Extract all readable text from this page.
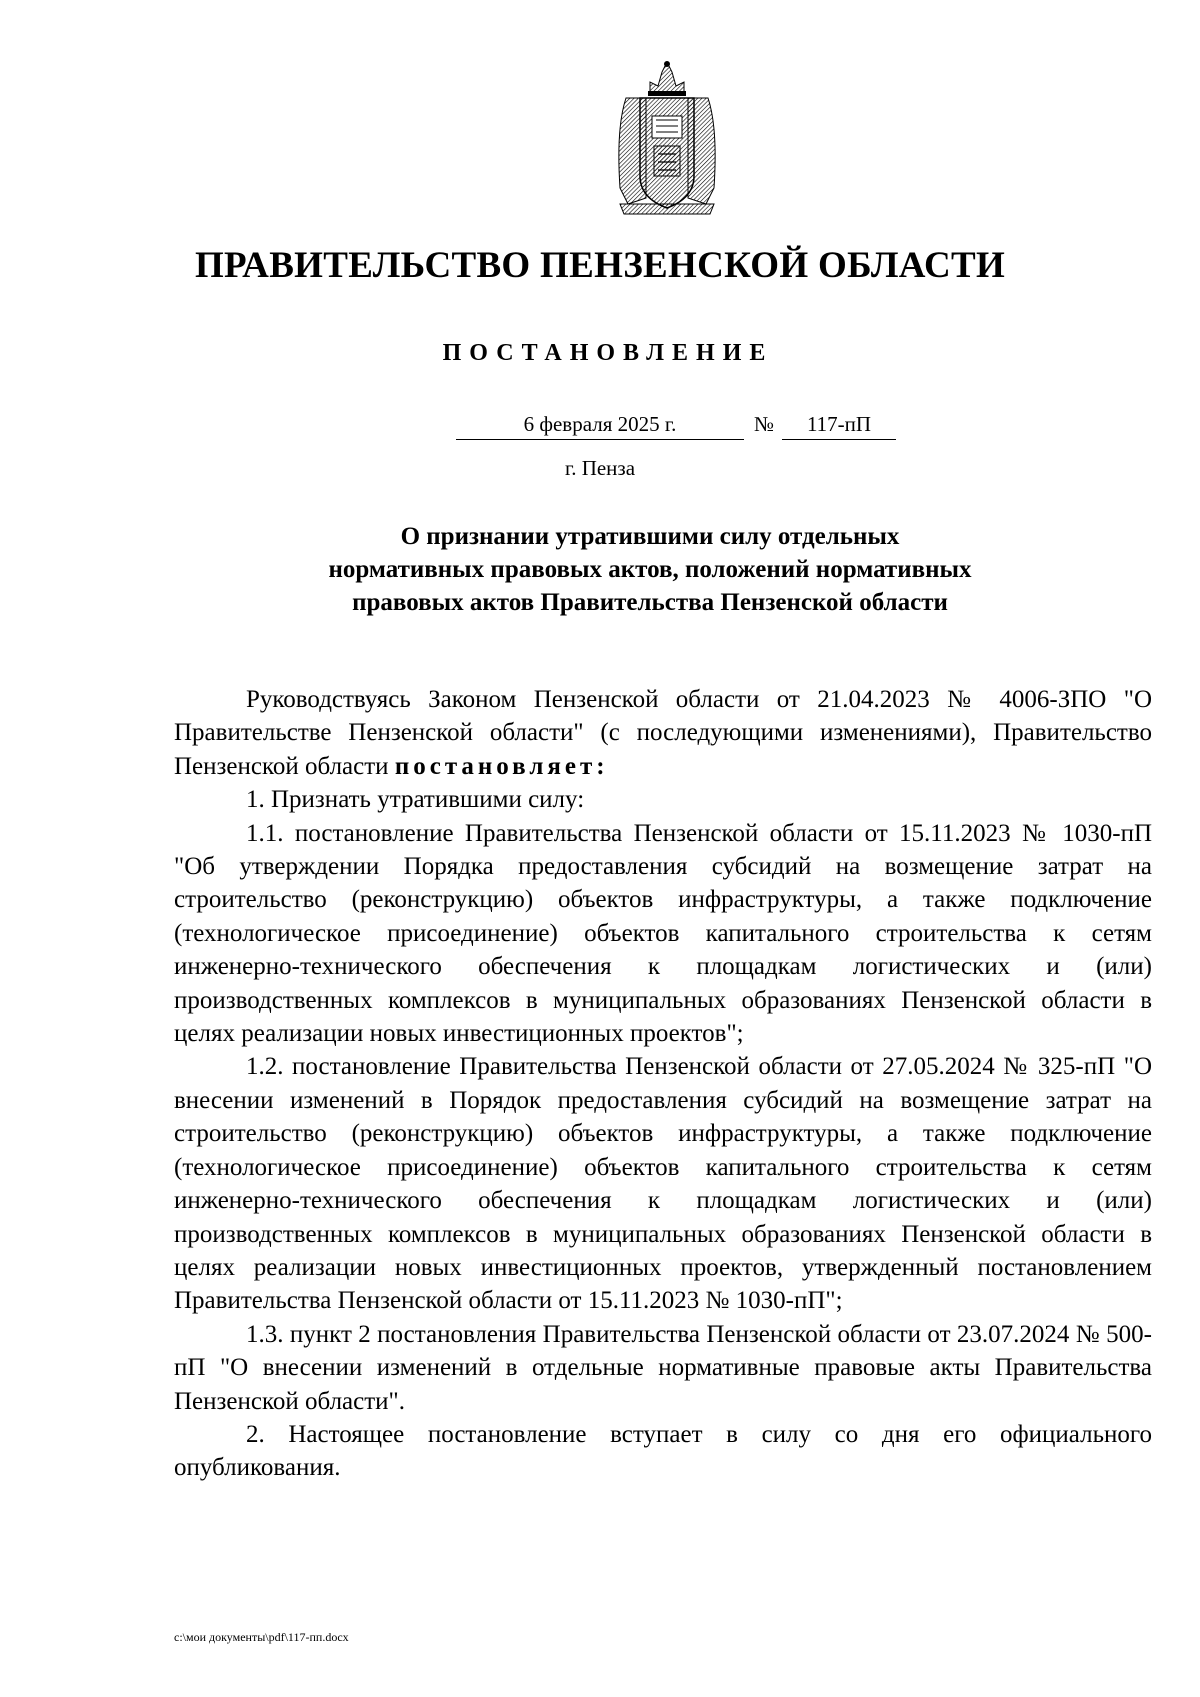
ПРАВИТЕЛЬСТВО ПЕНЗЕНСКОЙ ОБЛАСТИ
ПОСТАНОВЛЕНИЕ
6 февраля 2025 г.	№	117-пП
г. Пенза
О признании утратившими силу отдельных
нормативных правовых актов, положений нормативных
правовых актов Правительства Пензенской области

Руководствуясь Законом Пензенской области от 21.04.2023 № 4006-ЗПО "О Правительстве Пензенской области" (с последующими изменениями), Правительство Пензенской области постановляет:

1. Признать утратившими силу:

1.1. постановление Правительства Пензенской области от 15.11.2023 № 1030-пП "Об утверждении Порядка предоставления субсидий на возмещение затрат на строительство (реконструкцию) объектов инфраструктуры, а также подключение (технологическое присоединение) объектов капитального строительства к сетям инженерно-технического обеспечения к площадкам логистических и (или) производственных комплексов в муниципальных образованиях Пензенской области в целях реализации новых инвестиционных проектов";

1.2. постановление Правительства Пензенской области от 27.05.2024 № 325-пП "О внесении изменений в Порядок предоставления субсидий на возмещение затрат на строительство (реконструкцию) объектов инфраструктуры, а также подключение (технологическое присоединение) объектов капитального строительства к сетям инженерно-технического обеспечения к площадкам логистических и (или) производственных комплексов в муниципальных образованиях Пензенской области в целях реализации новых инвестиционных проектов, утвержденный постановлением Правительства Пензенской области от 15.11.2023 № 1030-пП";

1.3. пункт 2 постановления Правительства Пензенской области от 23.07.2024 № 500-пП "О внесении изменений в отдельные нормативные правовые акты Правительства Пензенской области".

2. Настоящее постановление вступает в силу со дня его официального опубликования.

c:\мои документы\pdf\117-пп.docx
